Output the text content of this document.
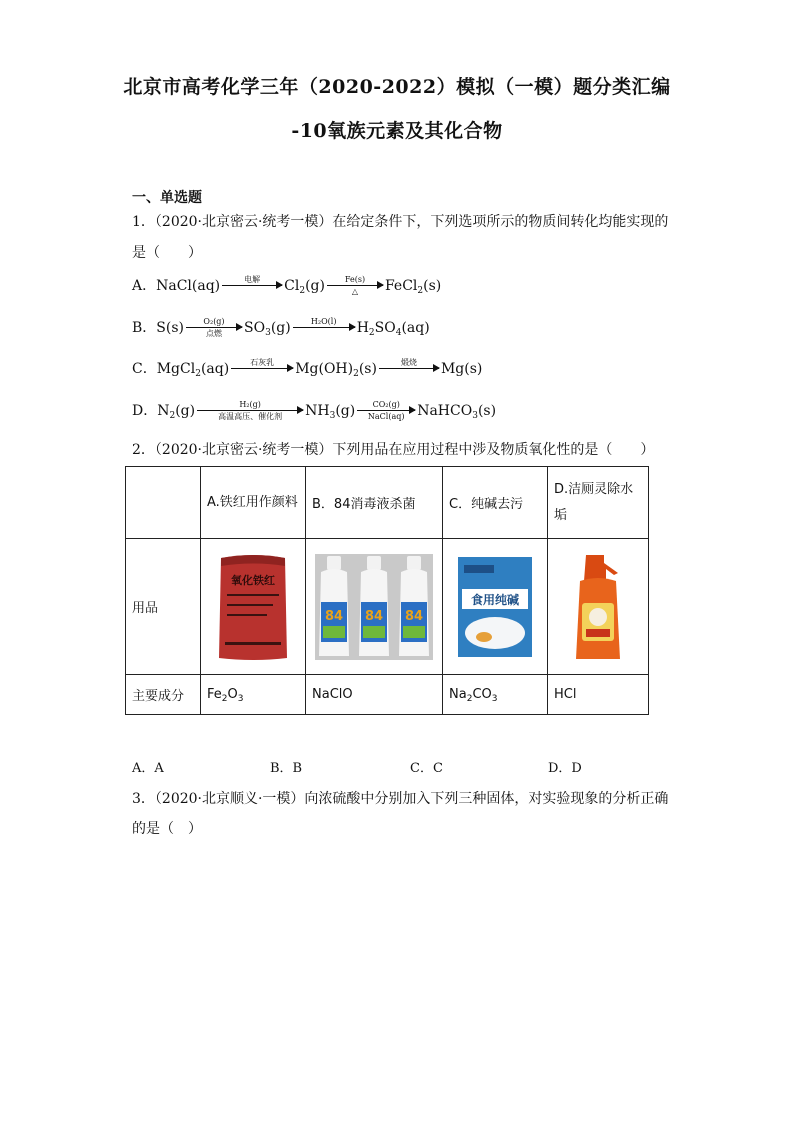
北京市高考化学三年（2020-2022）模拟（一模）题分类汇编
-10氧族元素及其化合物
一、单选题
1．（2020·北京密云·统考一模）在给定条件下，下列选项所示的物质间转化均能实现的
是（　　）
A． NaCl(aq)	电解 $Cl_2(g)$ Fe(s)
△ FeCl$_2$(s)
B． S(s) O₂(g)
点燃 $SO_3(g)$	H₂O(l) $H_2SO_4(aq)$
C． MgCl$_2$(aq)	石灰乳 $Mg(OH)_2(s)$	煅烧 Mg(s)
D． $N_2(g)$	H₂(g)
高温高压、催化剂 $NH_3(g)$ CO₂(g)
NaCl(aq) NaHCO$_3$(s)
2．（2020·北京密云·统考一模）下列用品在应用过程中涉及物质氧化性的是（　　）
	A.铁红用作颜料	B．84消毒液杀菌	C．纯碱去污	D.洁厕灵除水垢
用品	氧化铁红	84 84 84	食用纯碱

主要成分	$Fe_2O_3$	NaClO	$Na_2CO_3$	HCl
A．A	B．B	C．C	D．D
3．（2020·北京顺义·一模）向浓硫酸中分别加入下列三种固体，对实验现象的分析正确
的是（　）
